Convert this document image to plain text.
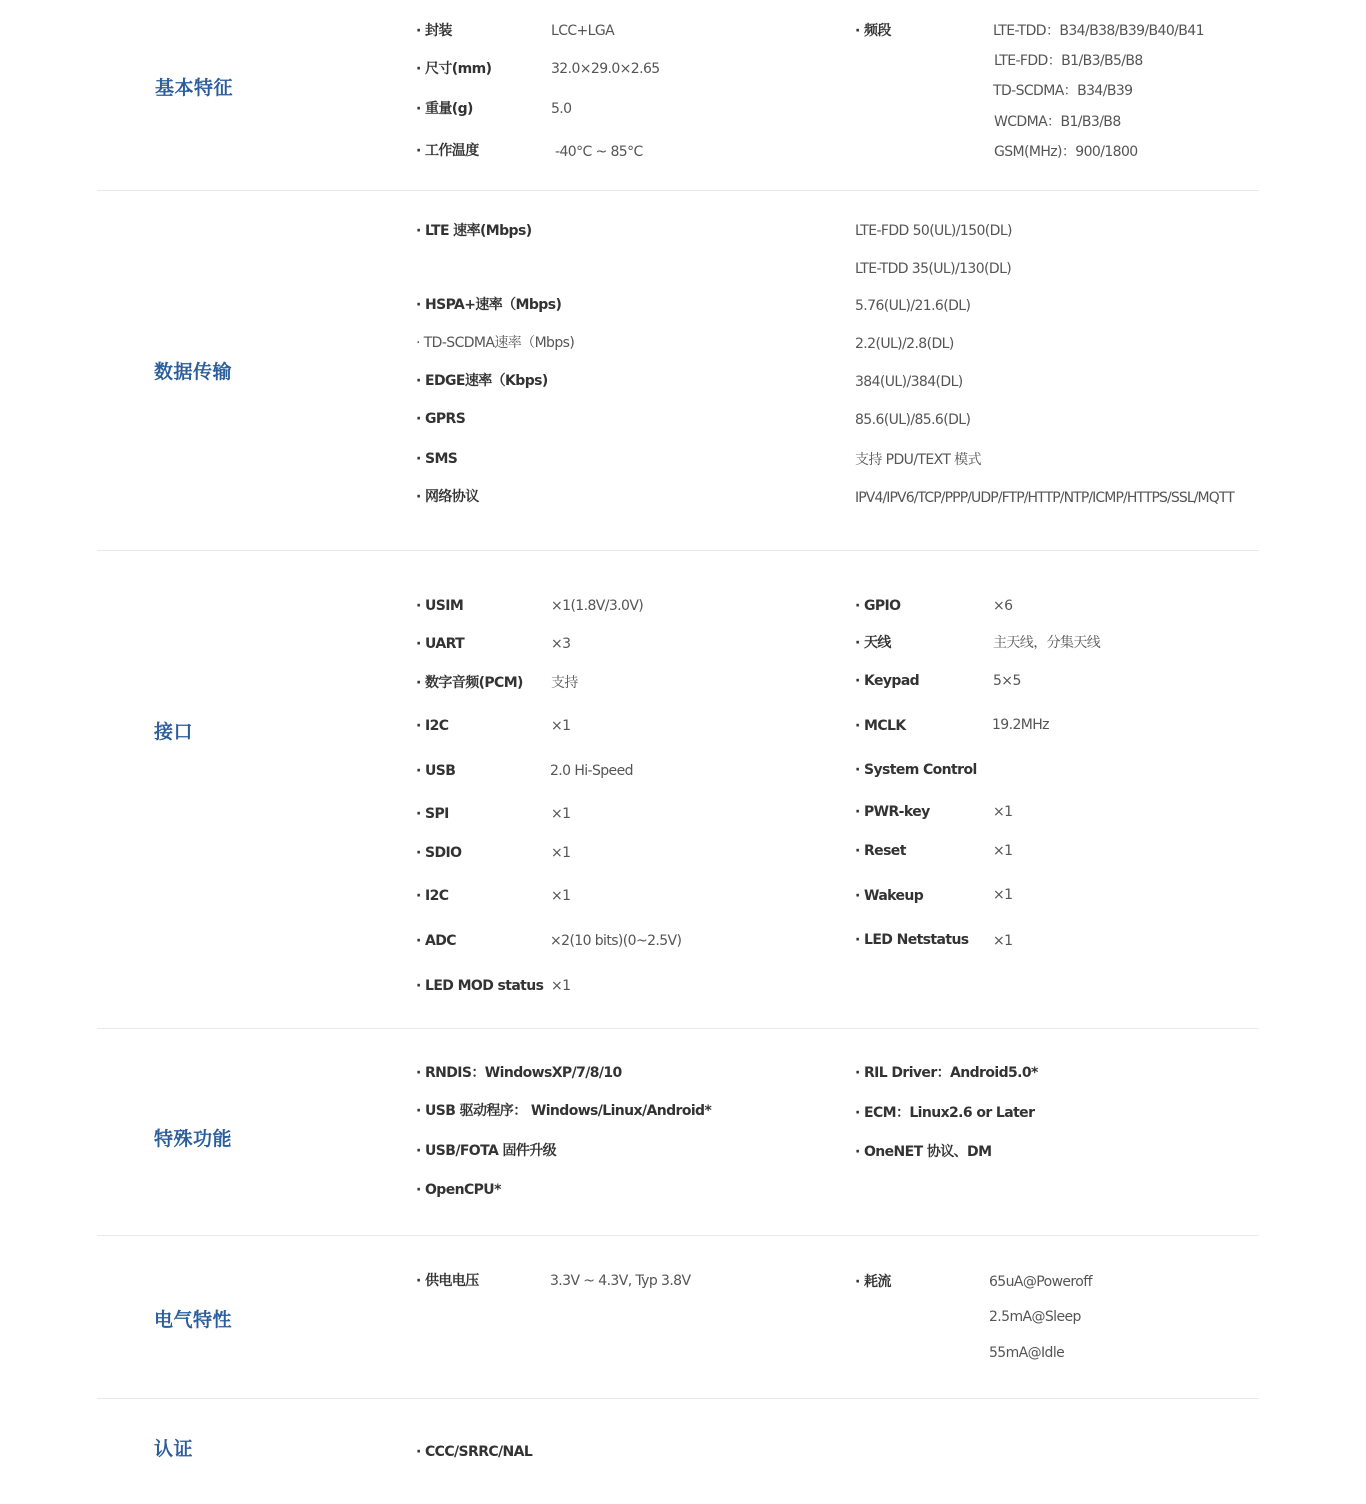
基本特征
· 封装	LCC+LGA
· 尺寸(mm)	32.0×29.0×2.65
· 重量(g)	5.0
· 工作温度	-40°C ~ 85°C
· 频段	LTE-TDD：B34/B38/B39/B40/B41
LTE-FDD：B1/B3/B5/B8
TD-SCDMA：B34/B39
WCDMA：B1/B3/B8
GSM(MHz)：900/1800
数据传输
· LTE 速率(Mbps)	LTE-FDD 50(UL)/150(DL)
LTE-TDD 35(UL)/130(DL)
· HSPA+速率（Mbps)	5.76(UL)/21.6(DL)
· TD-SCDMA速率（Mbps)	2.2(UL)/2.8(DL)
· EDGE速率（Kbps)	384(UL)/384(DL)
· GPRS	85.6(UL)/85.6(DL)
· SMS	支持 PDU/TEXT 模式
· 网络协议	IPV4/IPV6/TCP/PPP/UDP/FTP/HTTP/NTP/ICMP/HTTPS/SSL/MQTT
接口
· USIM	×1(1.8V/3.0V)
· UART	×3
· 数字音频(PCM) 支持
· I2C	×1
· USB	2.0 Hi-Speed
· SPI	×1
· SDIO	×1
· I2C	×1
· ADC	×2(10 bits)(0~2.5V)
· LED MOD status ×1
· GPIO	×6
· 天线	主天线，分集天线
· Keypad	5×5
· MCLK	19.2MHz
· System Control
· PWR-key	×1
· Reset	×1
· Wakeup	×1
· LED Netstatus ×1
特殊功能
· RNDIS：WindowsXP/7/8/10
· USB 驱动程序： Windows/Linux/Android*
· USB/FOTA 固件升级
· OpenCPU*
· RIL Driver：Android5.0*
· ECM：Linux2.6 or Later
· OneNET 协议、DM
电气特性
· 供电电压	3.3V ~ 4.3V, Typ 3.8V	· 耗流	65uA@Poweroff
2.5mA@Sleep
55mA@Idle
认证	· CCC/SRRC/NAL
